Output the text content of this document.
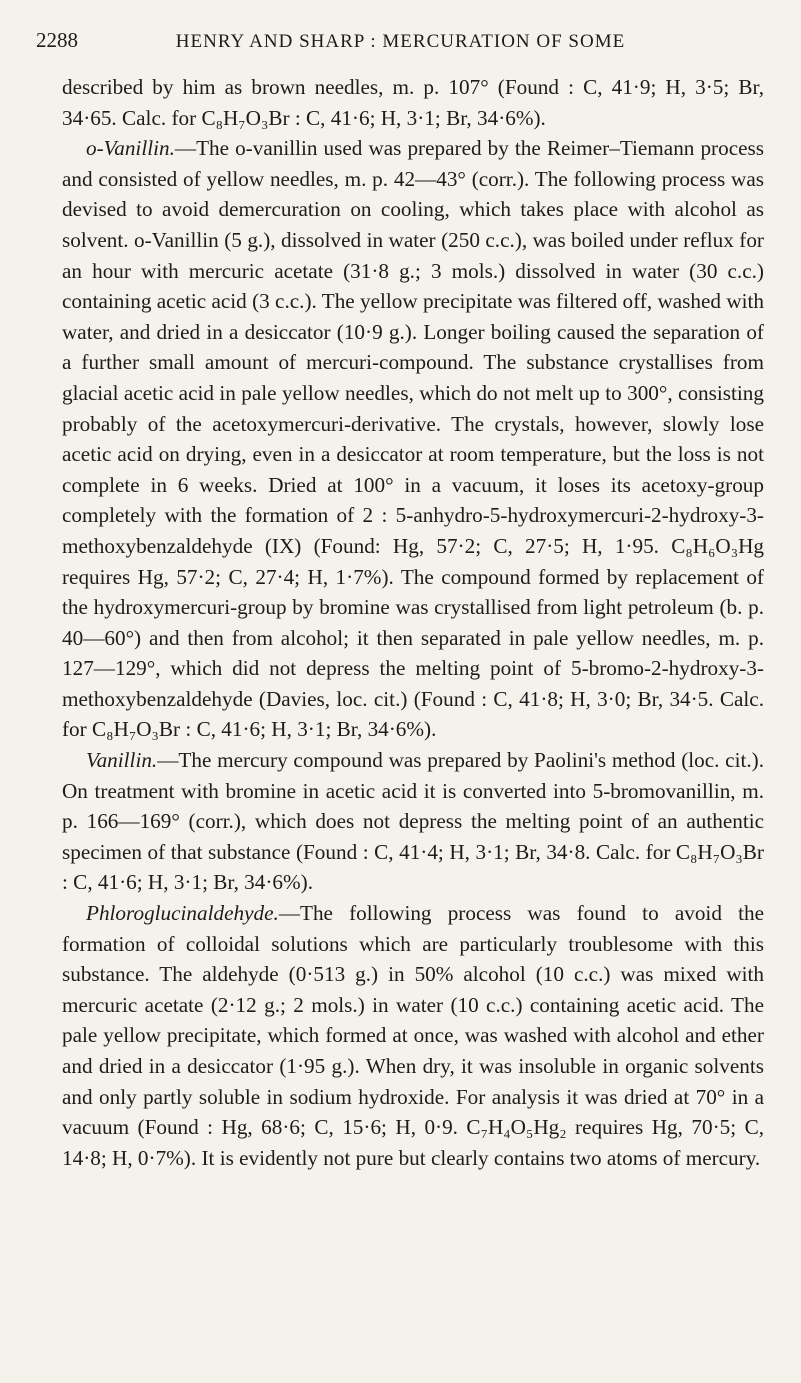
2288	HENRY AND SHARP : MERCURATION OF SOME

described by him as brown needles, m. p. 107° (Found : C, 41·9; H, 3·5; Br, 34·65. Calc. for C₈H₇O₃Br : C, 41·6; H, 3·1; Br, 34·6%).

o-Vanillin.—The o-vanillin used was prepared by the Reimer–Tiemann process and consisted of yellow needles, m. p. 42—43° (corr.). The following process was devised to avoid demercuration on cooling, which takes place with alcohol as solvent. o-Vanillin (5 g.), dissolved in water (250 c.c.), was boiled under reflux for an hour with mercuric acetate (31·8 g.; 3 mols.) dissolved in water (30 c.c.) containing acetic acid (3 c.c.). The yellow precipitate was filtered off, washed with water, and dried in a desiccator (10·9 g.). Longer boiling caused the separation of a further small amount of mercuri-compound. The substance crystallises from glacial acetic acid in pale yellow needles, which do not melt up to 300°, consisting probably of the acetoxymercuri-derivative. The crystals, however, slowly lose acetic acid on drying, even in a desiccator at room temperature, but the loss is not complete in 6 weeks. Dried at 100° in a vacuum, it loses its acetoxy-group completely with the formation of 2 : 5-anhydro-5-hydroxymercuri-2-hydroxy-3-methoxybenzaldehyde (IX) (Found: Hg, 57·2; C, 27·5; H, 1·95. C₈H₆O₃Hg requires Hg, 57·2; C, 27·4; H, 1·7%). The compound formed by replacement of the hydroxymercuri-group by bromine was crystallised from light petroleum (b. p. 40—60°) and then from alcohol; it then separated in pale yellow needles, m. p. 127—129°, which did not depress the melting point of 5-bromo-2-hydroxy-3-methoxybenzaldehyde (Davies, loc. cit.) (Found : C, 41·8; H, 3·0; Br, 34·5. Calc. for C₈H₇O₃Br : C, 41·6; H, 3·1; Br, 34·6%).

Vanillin.—The mercury compound was prepared by Paolini's method (loc. cit.). On treatment with bromine in acetic acid it is converted into 5-bromovanillin, m. p. 166—169° (corr.), which does not depress the melting point of an authentic specimen of that substance (Found : C, 41·4; H, 3·1; Br, 34·8. Calc. for C₈H₇O₃Br : C, 41·6; H, 3·1; Br, 34·6%).

Phloroglucinaldehyde.—The following process was found to avoid the formation of colloidal solutions which are particularly troublesome with this substance. The aldehyde (0·513 g.) in 50% alcohol (10 c.c.) was mixed with mercuric acetate (2·12 g.; 2 mols.) in water (10 c.c.) containing acetic acid. The pale yellow precipitate, which formed at once, was washed with alcohol and ether and dried in a desiccator (1·95 g.). When dry, it was insoluble in organic solvents and only partly soluble in sodium hydroxide. For analysis it was dried at 70° in a vacuum (Found : Hg, 68·6; C, 15·6; H, 0·9. C₇H₄O₅Hg₂ requires Hg, 70·5; C, 14·8; H, 0·7%). It is evidently not pure but clearly contains two atoms of mercury.
